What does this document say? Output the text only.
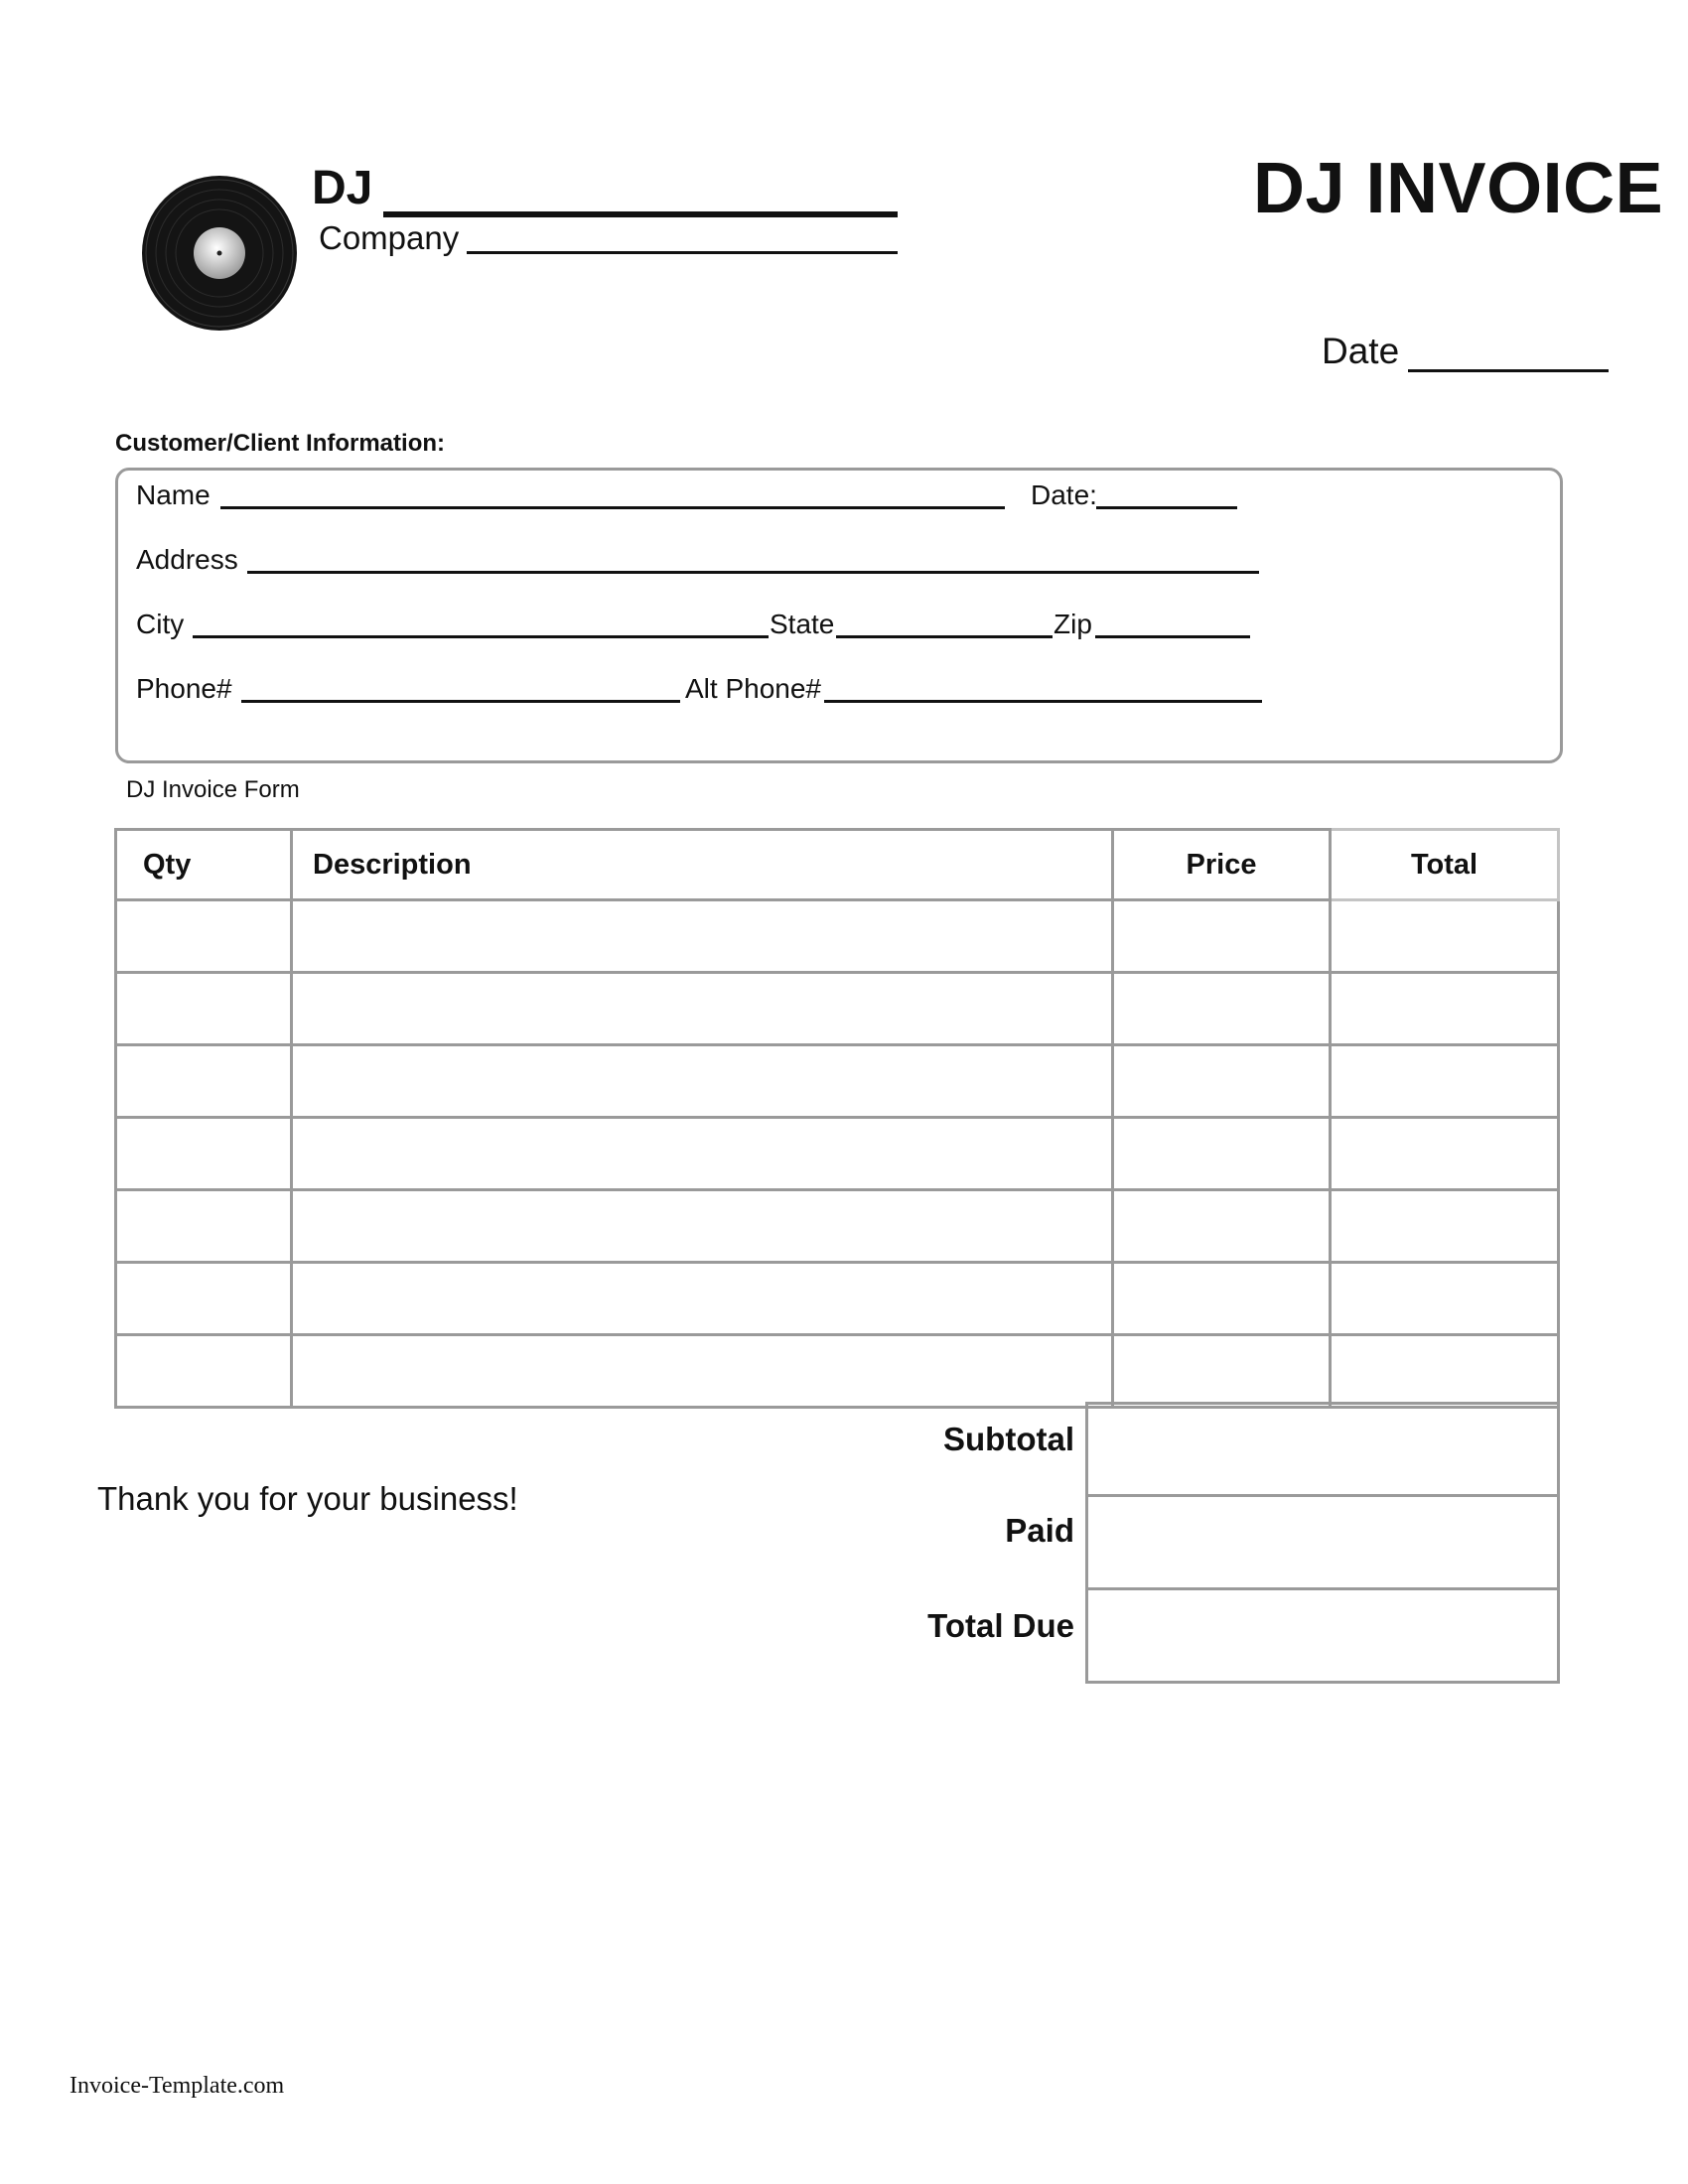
DJ
Company
DJ INVOICE
Date
Customer/Client Information:
Name	Date:
Address
City	State	Zip
Phone#	Alt Phone#
DJ Invoice Form
Qty	Description	Price	Total

Thank you for your business!
Subtotal
Paid
Total Due
Invoice-Template.com
